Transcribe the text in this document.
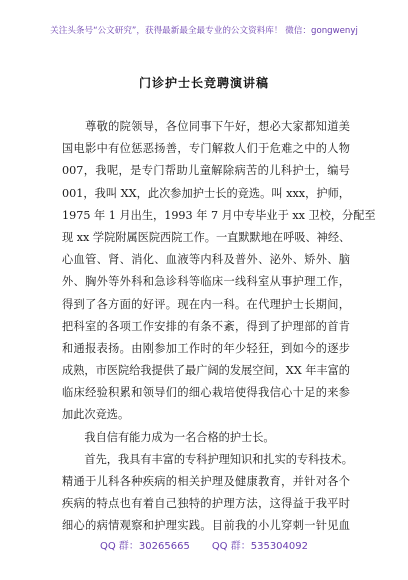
关注头条号“公文研究”，获得最新最全最专业的公文资料库！ 微信：gongwenyj
门诊护士长竞聘演讲稿
　　尊敬的院领导，各位同事下午好，想必大家都知道美
国电影中有位惩恶扬善，专门解救人们于危难之中的人物
007，我呢，是专门帮助儿童解除病苦的儿科护士，编号
001，我叫 XX，此次参加护士长的竞选。叫 xxx，护师，
1975 年 1 月出生，1993 年 7 月中专毕业于 xx 卫校，分配至
现 xx 学院附属医院西院工作。一直默默地在呼吸、神经、
心血管、肾、消化、血液等内科及普外、泌外、矫外、脑
外、胸外等外科和急诊科等临床一线科室从事护理工作，
得到了各方面的好评。现在内一科。在代理护士长期间，
把科室的各项工作安排的有条不紊，得到了护理部的首肯
和通报表扬。由刚参加工作时的年少轻狂，到如今的逐步
成熟，市医院给我提供了最广阔的发展空间，XX 年丰富的
临床经验积累和领导们的细心栽培使得我信心十足的来参
加此次竞选。
　　我自信有能力成为一名合格的护士长。
　　首先，我具有丰富的专科护理知识和扎实的专科技术。
精通于儿科各种疾病的相关护理及健康教育，并针对各个
疾病的特点也有着自己独特的护理方法，这得益于我平时
细心的病情观察和护理实践。目前我的小儿穿刺一针见血
QQ 群：30265665 QQ 群：535304092
